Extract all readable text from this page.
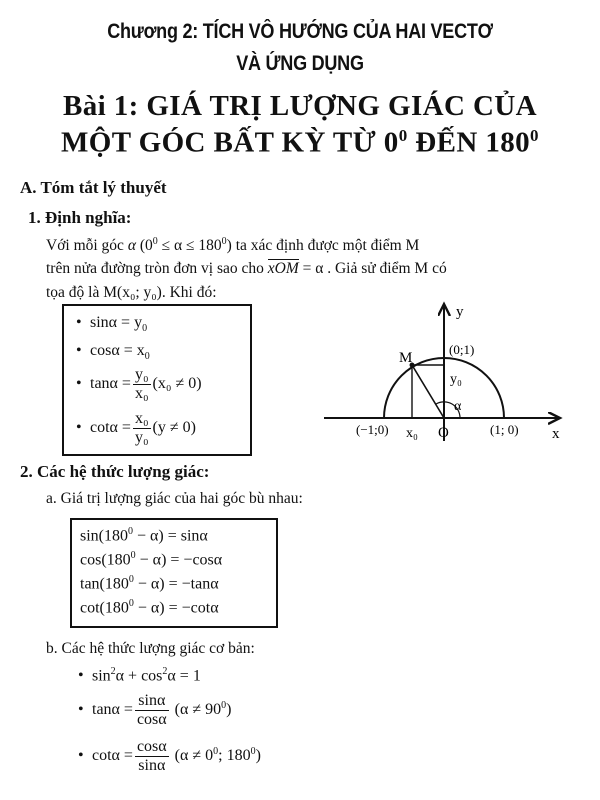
Chương 2: TÍCH VÔ HƯỚNG CỦA HAI VECTƠ
VÀ ỨNG DỤNG
Bài 1: GIÁ TRỊ LƯỢNG GIÁC CỦA
MỘT GÓC BẤT KỲ TỪ $0^0$ ĐẾN $180^0$
A. Tóm tắt lý thuyết
1. Định nghĩa:
Với mỗi góc α $(0^0 \le \alpha \le 180^0)$ ta xác định được một điểm M
trên nửa đường tròn đơn vị sao cho xOM = α . Giả sử điểm M có
tọa độ là M(x₀; y₀). Khi đó:
• $\sin\alpha = y_0$
• $\cos\alpha = x_0$
• $\tan\alpha = \frac{\text{y₀}}{\text{x₀}} (x_0 \ne 0)$
• $\cot\alpha = \frac{\text{x₀}}{\text{y₀}} (y \ne 0)$
y
x
(0;1)
M
y₀
α
(−1;0) x₀ O	(1; 0)
2. Các hệ thức lượng giác:
a. Giá trị lượng giác của hai góc bù nhau:
$\sin(180^0 - \alpha) = \sin\alpha$
$\cos(180^0 - \alpha) = -\cos\alpha$
$\tan(180^0 - \alpha) = -\tan\alpha$
$\cot(180^0 - \alpha) = -\cot\alpha$
b. Các hệ thức lượng giác cơ bản:
• $\sin^2\alpha + \cos^2\alpha = 1$
• $\tan\alpha = \frac{\sin\alpha}{\cos\alpha} (\alpha \ne 90^0)$
• $\cot\alpha = \frac{\cos\alpha}{\sin\alpha} (\alpha \ne 0^0$; $180^0$)
